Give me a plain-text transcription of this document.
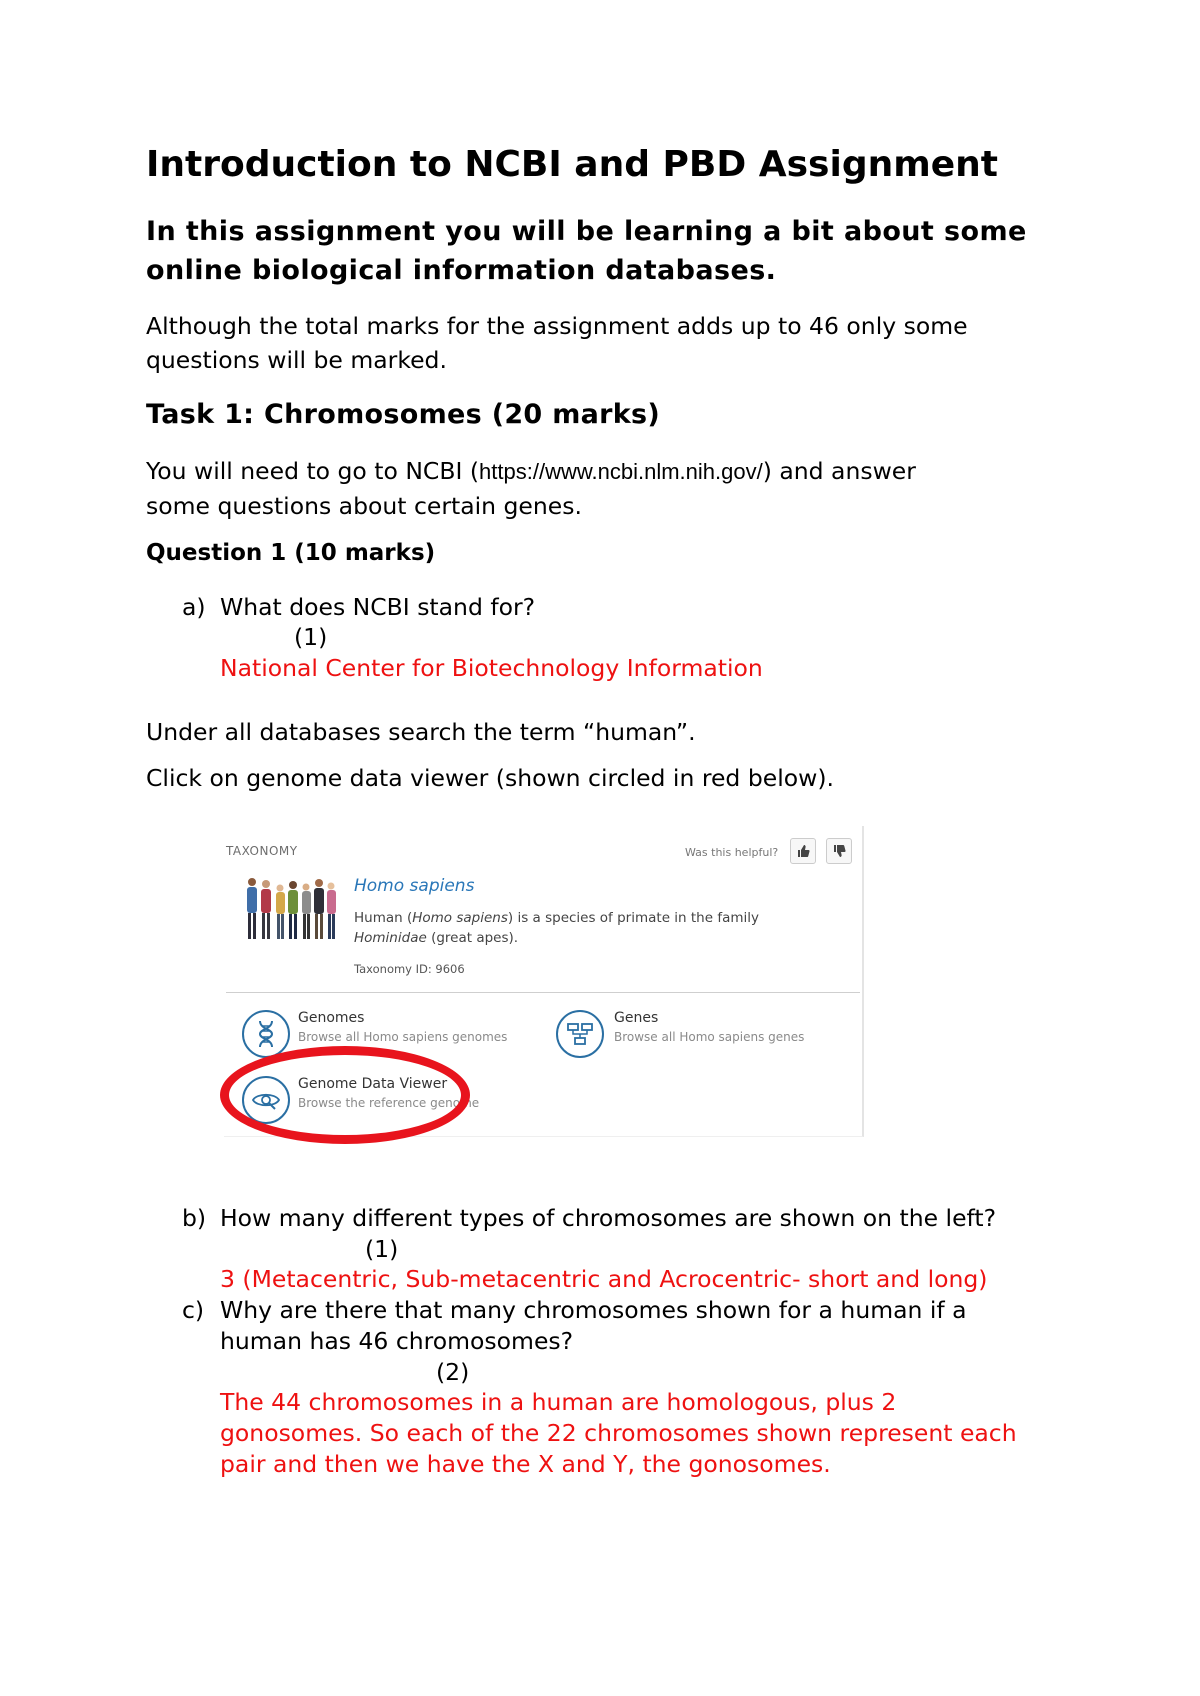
Introduction to NCBI and PBD Assignment
In this assignment you will be learning a bit about some
online biological information databases.
Although the total marks for the assignment adds up to 46 only some
questions will be marked.
Task 1: Chromosomes (20 marks)
You will need to go to NCBI (https://www.ncbi.nlm.nih.gov/) and answer
some questions about certain genes.
Question 1 (10 marks)
a) What does NCBI stand for?
(1)
National Center for Biotechnology Information
Under all databases search the term “human”.
Click on genome data viewer (shown circled in red below).
TAXONOMY	Was this helpful?
Homo sapiens
Human (Homo sapiens) is a species of primate in the family
Hominidae (great apes).
Taxonomy ID: 9606
Genomes
Browse all Homo sapiens genomes
Genes
Browse all Homo sapiens genes
Genome Data Viewer
Browse the reference genome
b) How many different types of chromosomes are shown on the left?
(1)
3 (Metacentric, Sub-metacentric and Acrocentric- short and long)
c) Why are there that many chromosomes shown for a human if a
human has 46 chromosomes?
(2)
The 44 chromosomes in a human are homologous, plus 2
gonosomes. So each of the 22 chromosomes shown represent each
pair and then we have the X and Y, the gonosomes.
